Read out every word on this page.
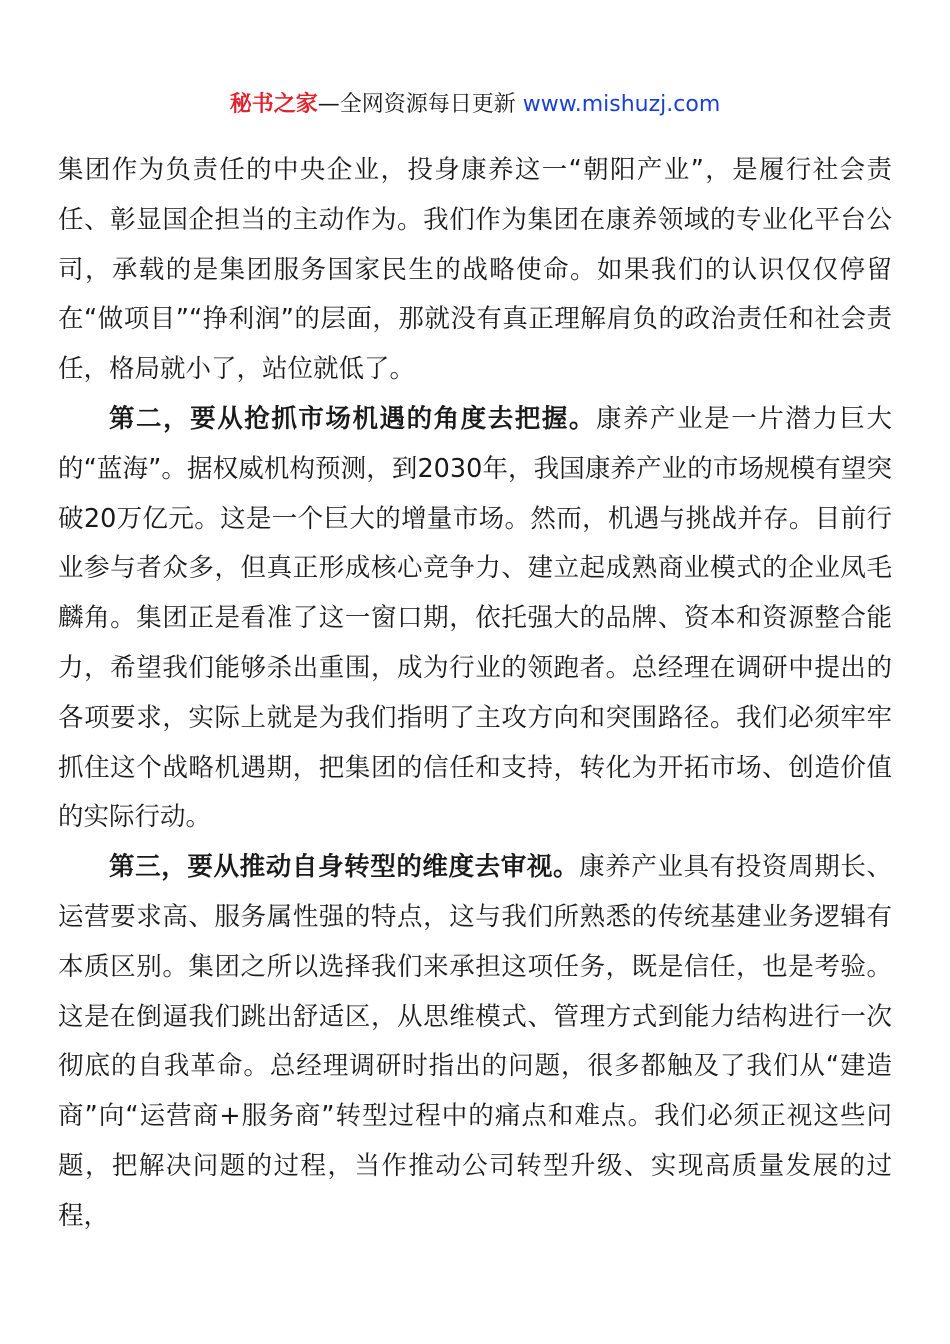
秘书之家—全网资源每日更新 www.mishuzj.com

集团作为负责任的中央企业，投身康养这一“朝阳产业”，是履行社会责任、彰显国企担当的主动作为。我们作为集团在康养领域的专业化平台公司，承载的是集团服务国家民生的战略使命。如果我们的认识仅仅停留在“做项目”“挣利润”的层面，那就没有真正理解肩负的政治责任和社会责任，格局就小了，站位就低了。

第二，要从抢抓市场机遇的角度去把握。康养产业是一片潜力巨大的“蓝海”。据权威机构预测，到2030年，我国康养产业的市场规模有望突破20万亿元。这是一个巨大的增量市场。然而，机遇与挑战并存。目前行业参与者众多，但真正形成核心竞争力、建立起成熟商业模式的企业凤毛麟角。集团正是看准了这一窗口期，依托强大的品牌、资本和资源整合能力，希望我们能够杀出重围，成为行业的领跑者。总经理在调研中提出的各项要求，实际上就是为我们指明了主攻方向和突围路径。我们必须牢牢抓住这个战略机遇期，把集团的信任和支持，转化为开拓市场、创造价值的实际行动。

第三，要从推动自身转型的维度去审视。康养产业具有投资周期长、运营要求高、服务属性强的特点，这与我们所熟悉的传统基建业务逻辑有本质区别。集团之所以选择我们来承担这项任务，既是信任，也是考验。这是在倒逼我们跳出舒适区，从思维模式、管理方式到能力结构进行一次彻底的自我革命。总经理调研时指出的问题，很多都触及了我们从“建造商”向“运营商+服务商”转型过程中的痛点和难点。我们必须正视这些问题，把解决问题的过程，当作推动公司转型升级、实现高质量发展的过程，
